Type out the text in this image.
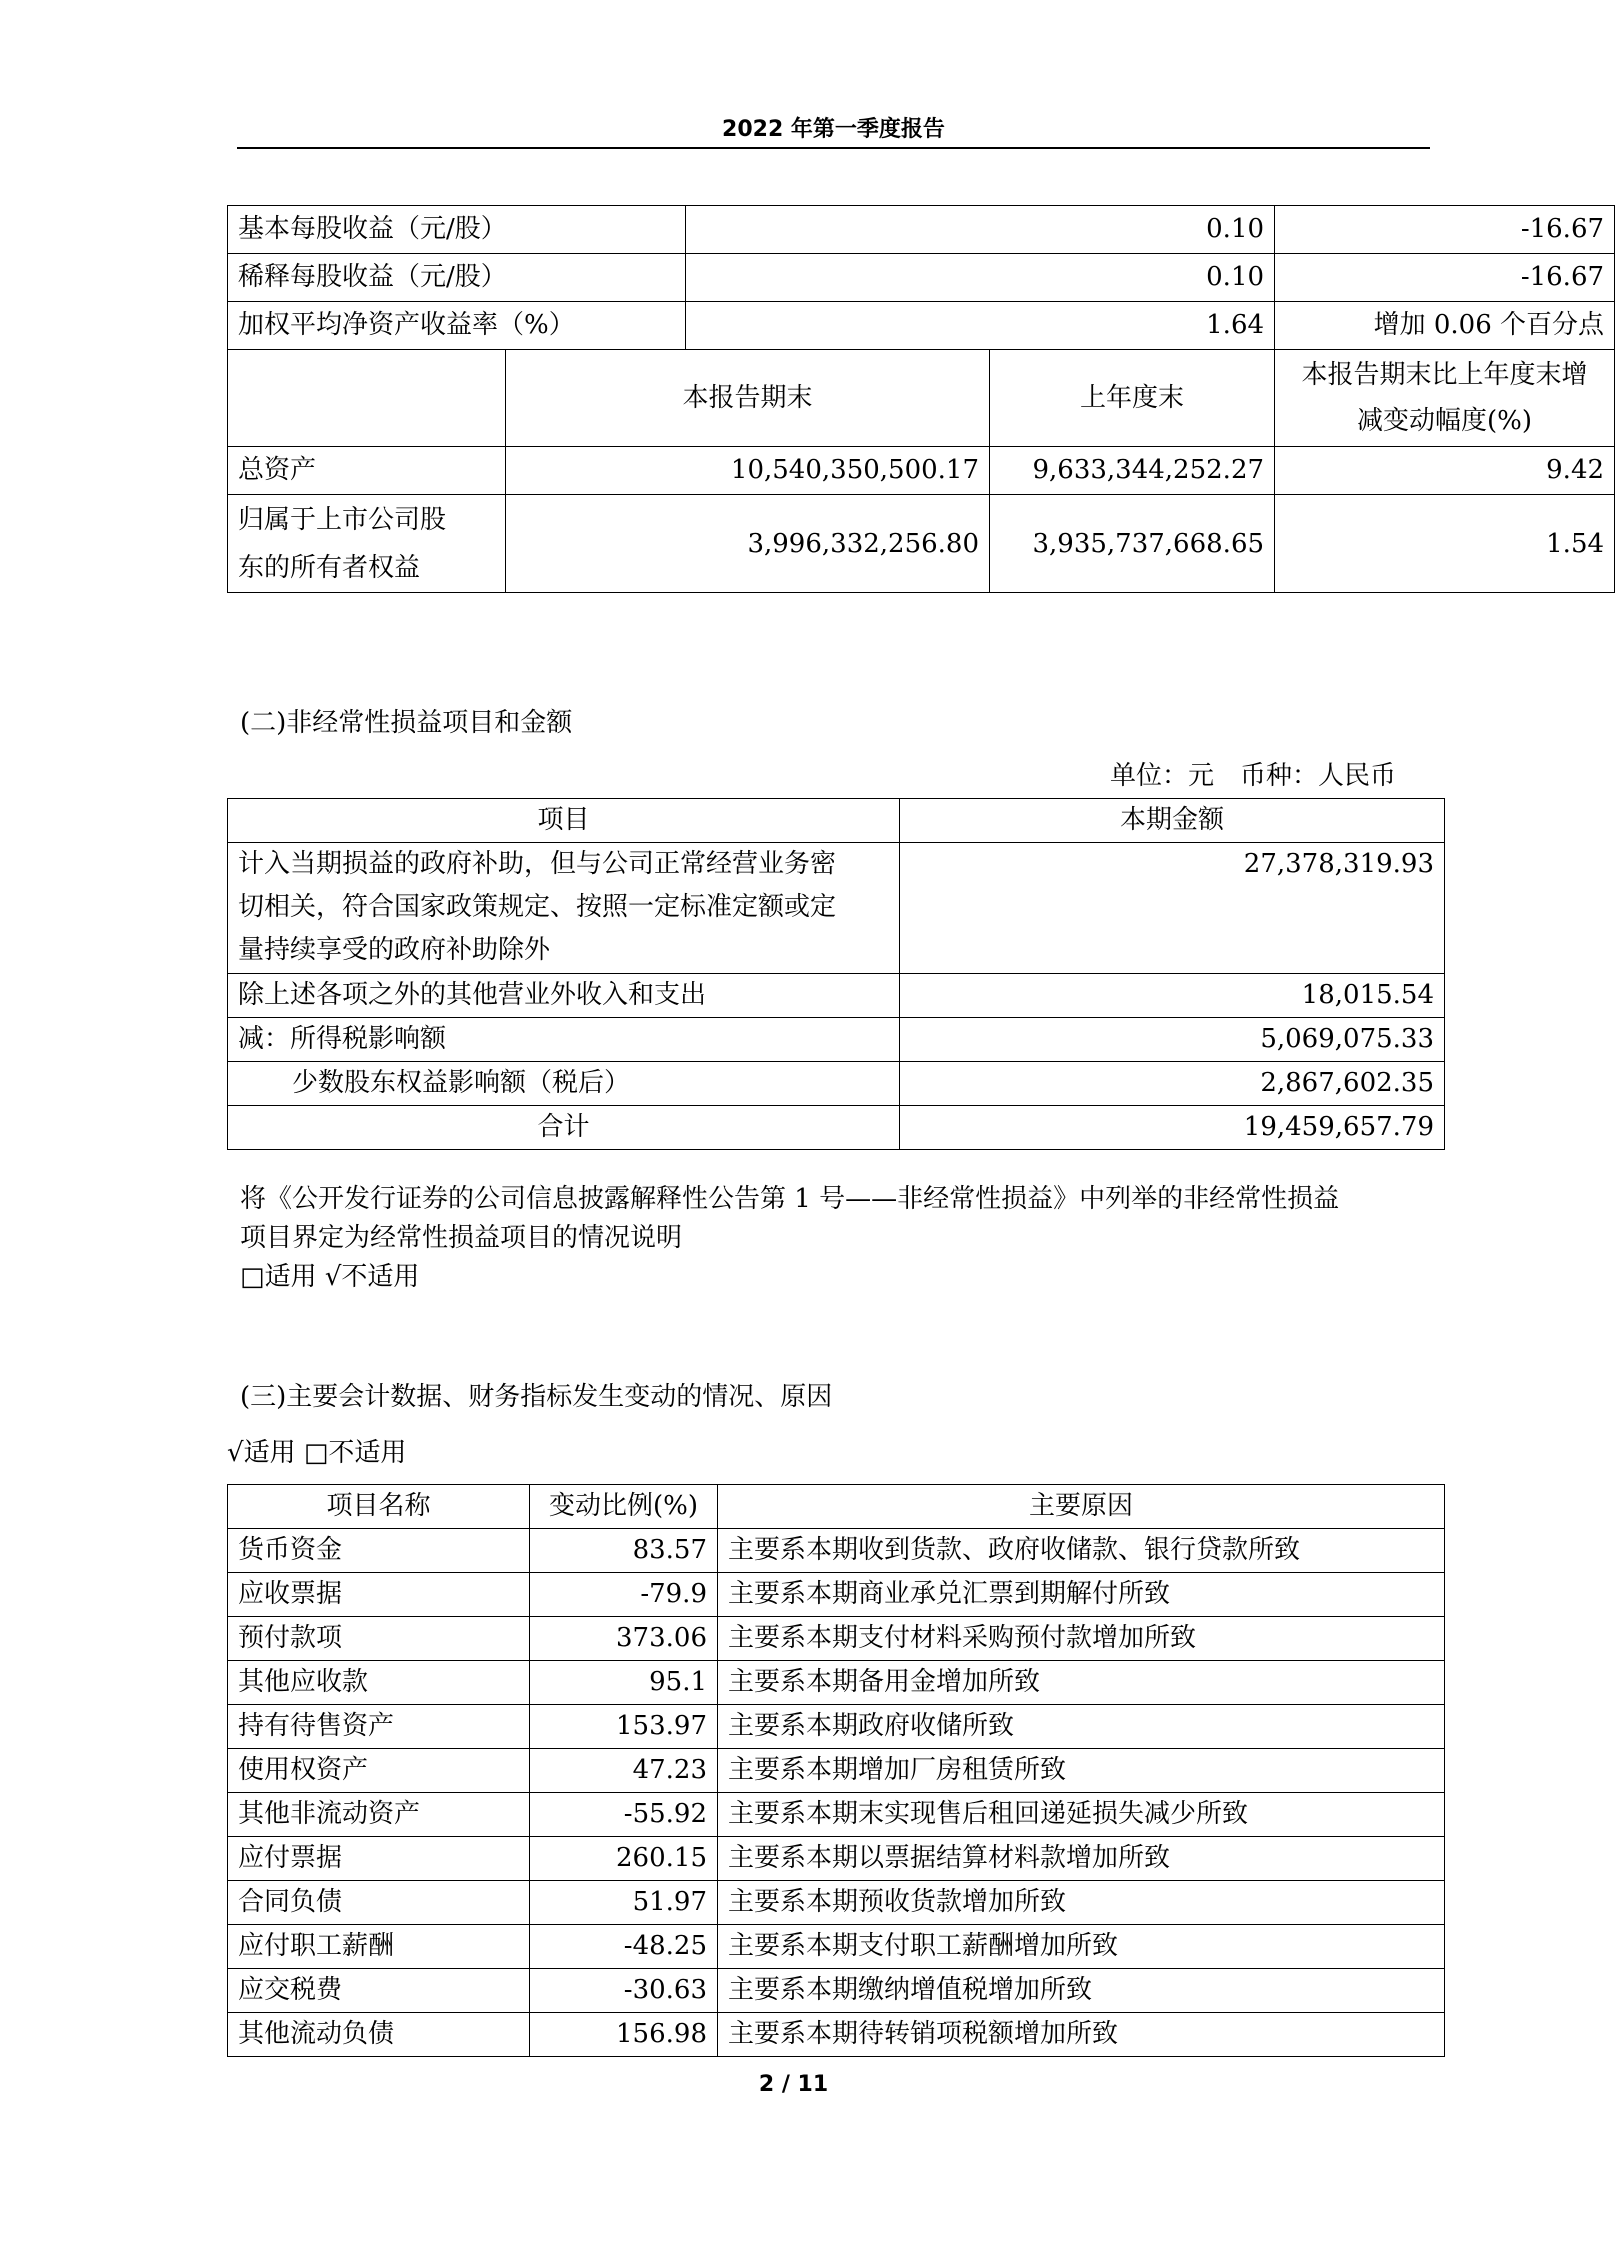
2022 年第一季度报告
基本每股收益（元/股）		0.10		-16.67
稀释每股收益（元/股）		0.10		-16.67
加权平均净资产收益率（%）		1.64		增加 0.06 个百分点
	本报告期末		上年度末	本报告期末比上年度末增
减变动幅度(%)
总资产	10,540,350,500.17		9,633,344,252.27	9.42
归属于上市公司股
东的所有者权益	3,996,332,256.80		3,935,737,668.65	1.54
(二)非经常性损益项目和金额
单位：元　币种：人民币
项目	本期金额
计入当期损益的政府补助，但与公司正常经营业务密
切相关，符合国家政策规定、按照一定标准定额或定
量持续享受的政府补助除外	27,378,319.93
除上述各项之外的其他营业外收入和支出	18,015.54
减：所得税影响额	5,069,075.33
少数股东权益影响额（税后）	2,867,602.35
合计	19,459,657.79
将《公开发行证券的公司信息披露解释性公告第 1 号——非经常性损益》中列举的非经常性损益
项目界定为经常性损益项目的情况说明
□适用 √不适用
(三)主要会计数据、财务指标发生变动的情况、原因
√适用 □不适用
项目名称	变动比例(%)	主要原因
货币资金	83.57	主要系本期收到货款、政府收储款、银行贷款所致
应收票据	-79.9	主要系本期商业承兑汇票到期解付所致
预付款项	373.06	主要系本期支付材料采购预付款增加所致
其他应收款	95.1	主要系本期备用金增加所致
持有待售资产	153.97	主要系本期政府收储所致
使用权资产	47.23	主要系本期增加厂房租赁所致
其他非流动资产	-55.92	主要系本期末实现售后租回递延损失减少所致
应付票据	260.15	主要系本期以票据结算材料款增加所致
合同负债	51.97	主要系本期预收货款增加所致
应付职工薪酬	-48.25	主要系本期支付职工薪酬增加所致
应交税费	-30.63	主要系本期缴纳增值税增加所致
其他流动负债	156.98	主要系本期待转销项税额增加所致
2 / 11
